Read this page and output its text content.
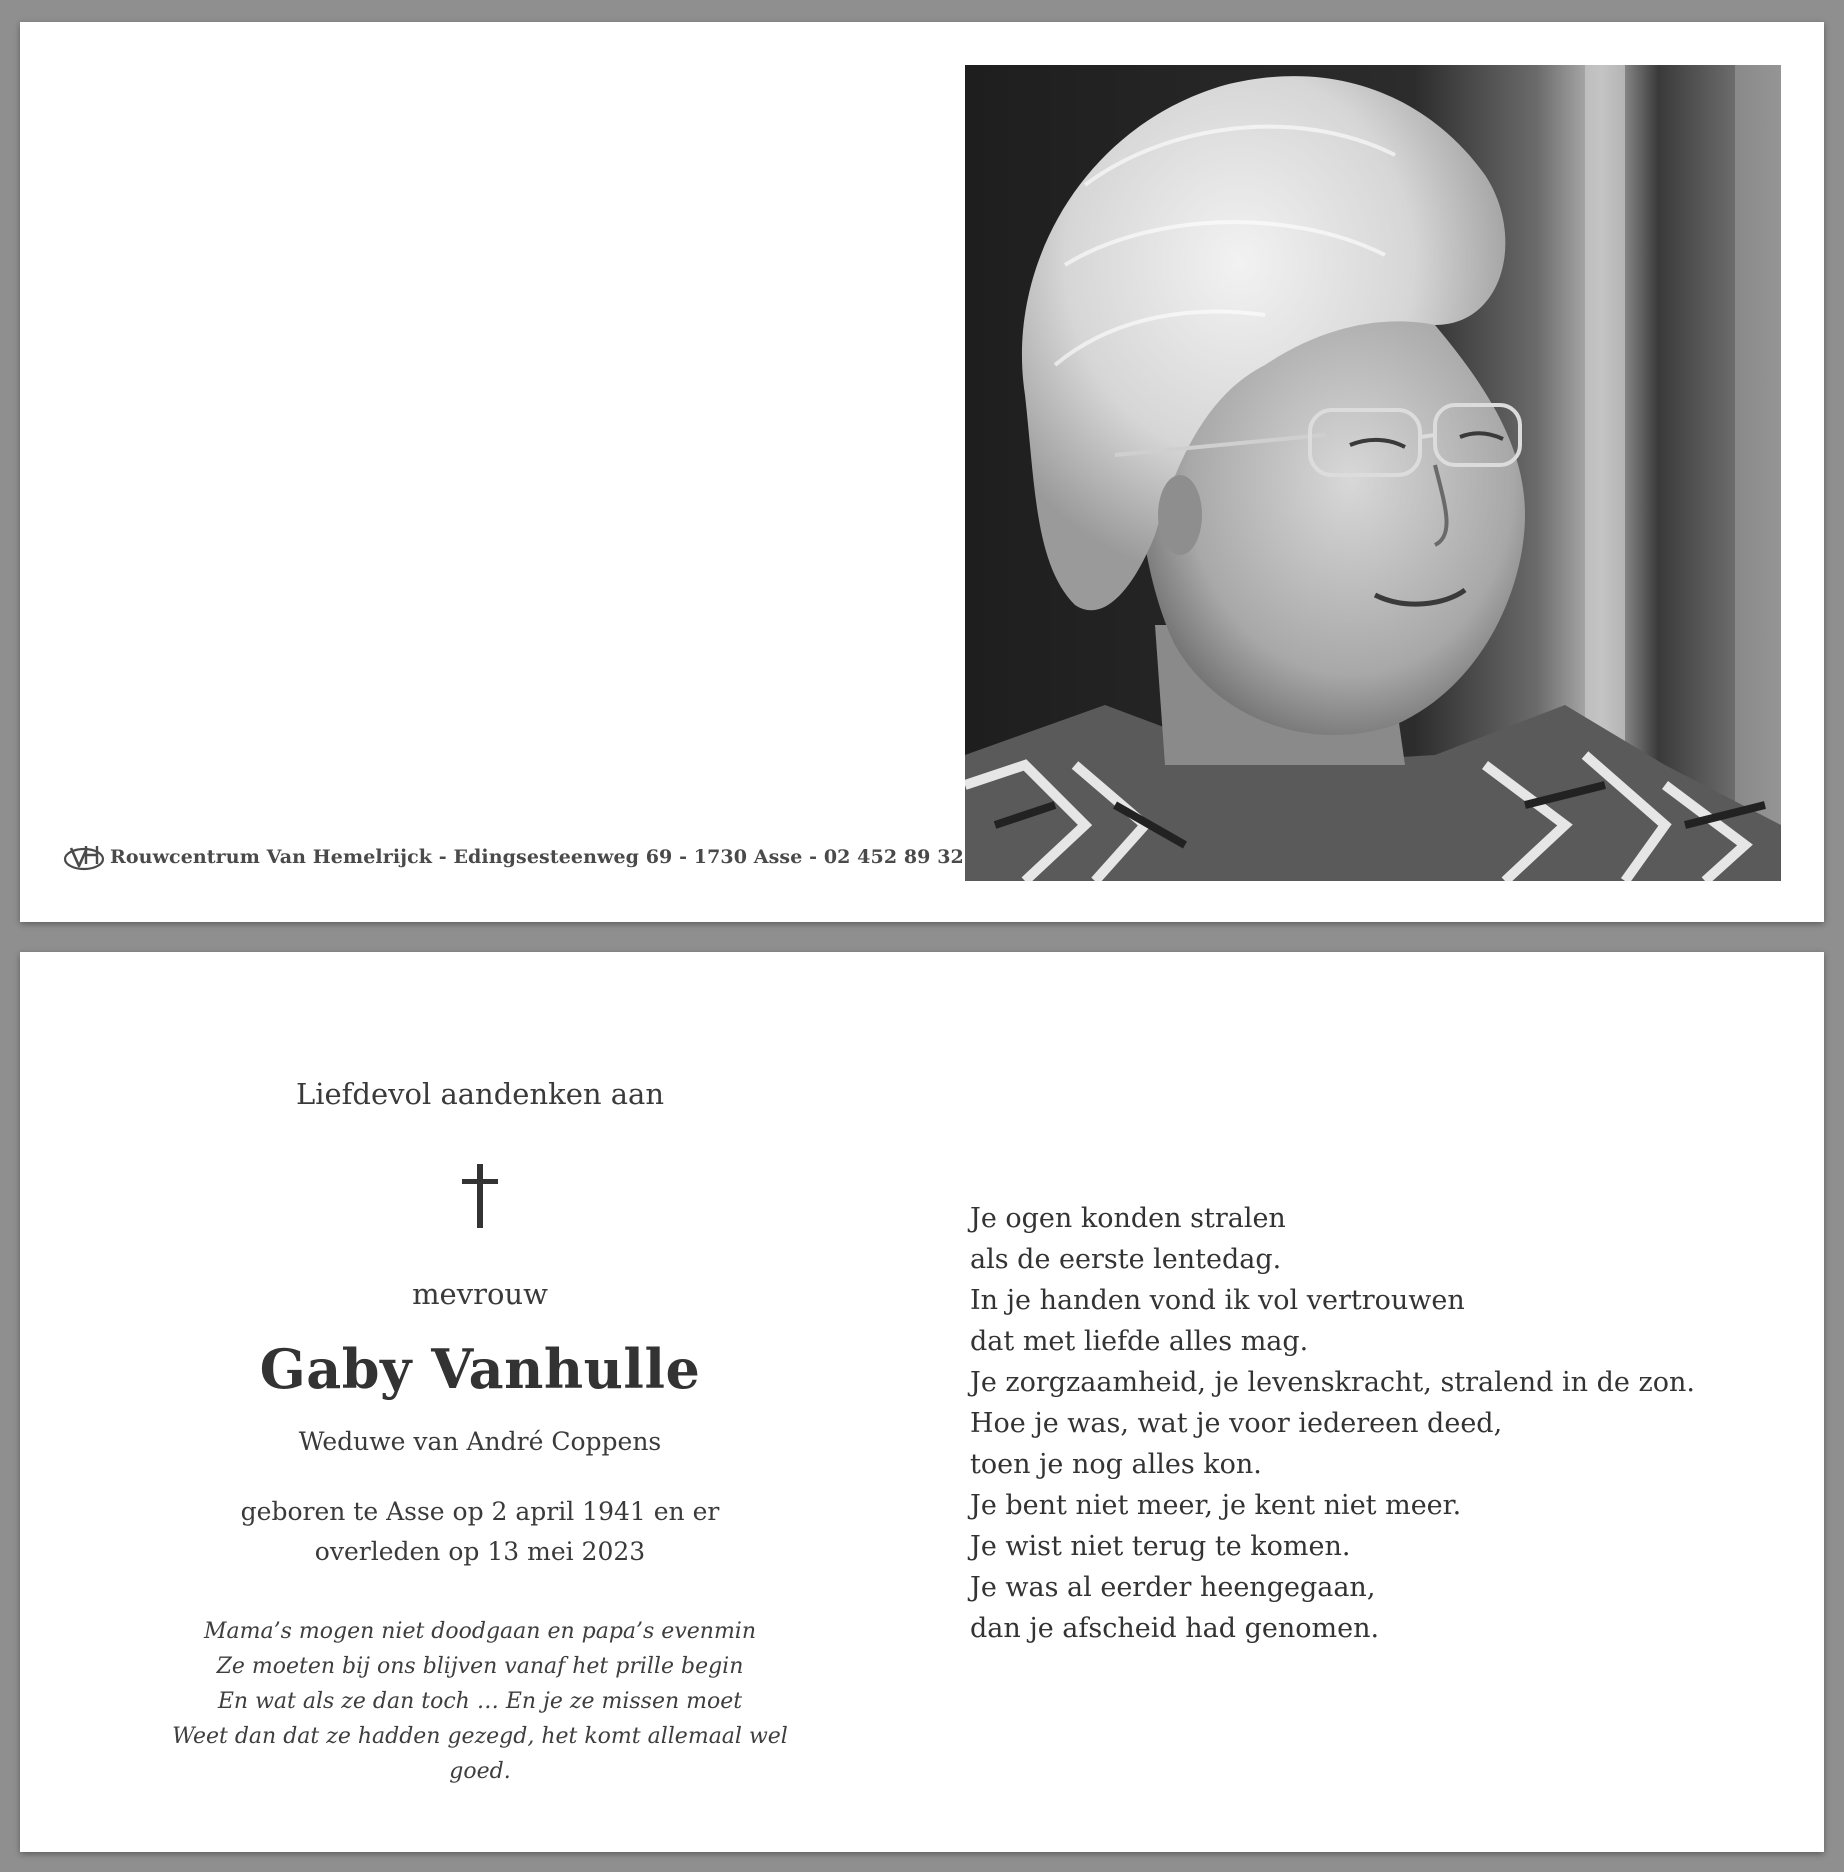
Rouwcentrum Van Hemelrijck - Edingsesteenweg 69 - 1730 Asse - 02 452 89 32
Liefdevol aandenken aan
mevrouw
Gaby Vanhulle
Weduwe van André Coppens
geboren te Asse op 2 april 1941 en er
overleden op 13 mei 2023
Mama’s mogen niet doodgaan en papa’s evenmin
Ze moeten bij ons blijven vanaf het prille begin
En wat als ze dan toch … En je ze missen moet
Weet dan dat ze hadden gezegd, het komt allemaal wel goed.
Je ogen konden stralen
als de eerste lentedag.
In je handen vond ik vol vertrouwen
dat met liefde alles mag.
Je zorgzaamheid, je levenskracht, stralend in de zon.
Hoe je was, wat je voor iedereen deed,
toen je nog alles kon.
Je bent niet meer, je kent niet meer.
Je wist niet terug te komen.
Je was al eerder heengegaan,
dan je afscheid had genomen.
